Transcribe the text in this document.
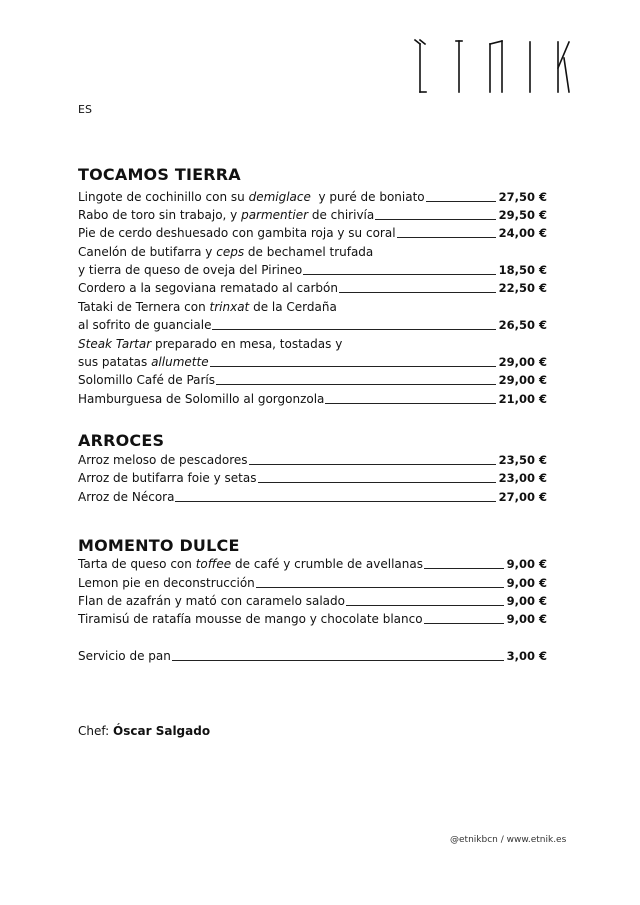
ES
TOCAMOS TIERRA
Lingote de cochinillo con su demiglace  y puré de boniato	27,50 €
Rabo de toro sin trabajo, y parmentier de chirivía	29,50 €
Pie de cerdo deshuesado con gambita roja y su coral	24,00 €
Canelón de butifarra y ceps de bechamel trufada
y tierra de queso de oveja del Pirineo	18,50 €
Cordero a la segoviana rematado al carbón	22,50 €
Tataki de Ternera con trinxat de la Cerdaña
al sofrito de guanciale	26,50 €
Steak Tartar preparado en mesa, tostadas y
sus patatas allumette	29,00 €
Solomillo Café de París	29,00 €
Hamburguesa de Solomillo al gorgonzola	21,00 €
ARROCES
Arroz meloso de pescadores	23,50 €
Arroz de butifarra foie y setas	23,00 €
Arroz de Nécora	27,00 €
MOMENTO DULCE
Tarta de queso con toffee de café y crumble de avellanas	9,00 €
Lemon pie en deconstrucción	9,00 €
Flan de azafrán y mató con caramelo salado	9,00 €
Tiramisú de ratafía mousse de mango y chocolate blanco	9,00 €
Servicio de pan	3,00 €
Chef: Óscar Salgado
@etnikbcn / www.etnik.es
